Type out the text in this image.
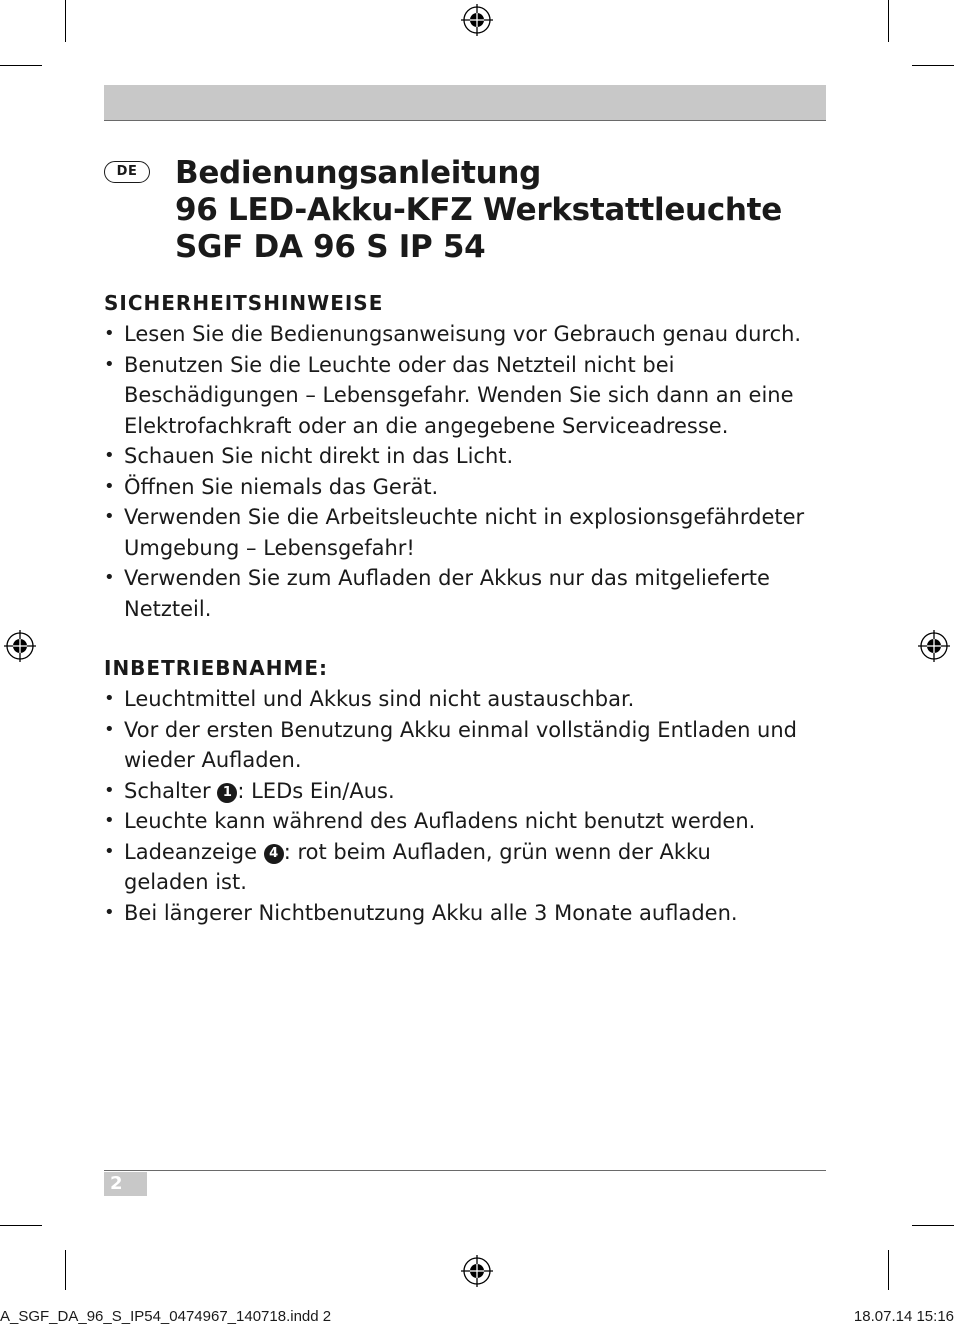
DE	Bedienungsanleitung
96 LED-Akku-KFZ Werkstattleuchte
SGF DA 96 S IP 54
SICHERHEITSHINWEISE
• Lesen Sie die Bedienungsanweisung vor Gebrauch genau durch.
• Benutzen Sie die Leuchte oder das Netzteil nicht bei
Beschädigungen – Lebensgefahr. Wenden Sie sich dann an eine
Elektrofachkraft oder an die angegebene Serviceadresse.
• Schauen Sie nicht direkt in das Licht.
• Öffnen Sie niemals das Gerät.
• Verwenden Sie die Arbeitsleuchte nicht in explosionsgefährdeter
Umgebung – Lebensgefahr!
• Verwenden Sie zum Aufladen der Akkus nur das mitgelieferte
Netzteil.
INBETRIEBNAHME:
• Leuchtmittel und Akkus sind nicht austauschbar.
• Vor der ersten Benutzung Akku einmal vollständig Entladen und
wieder Aufladen.
• Schalter 1 : LEDs Ein/Aus.
• Leuchte kann während des Aufladens nicht benutzt werden.
• Ladeanzeige 4 : rot beim Aufladen, grün wenn der Akku
geladen ist.
• Bei längerer Nichtbenutzung Akku alle 3 Monate aufladen.
2
A_SGF_DA_96_S_IP54_0474967_140718.indd 2	18.07.14 15:16
